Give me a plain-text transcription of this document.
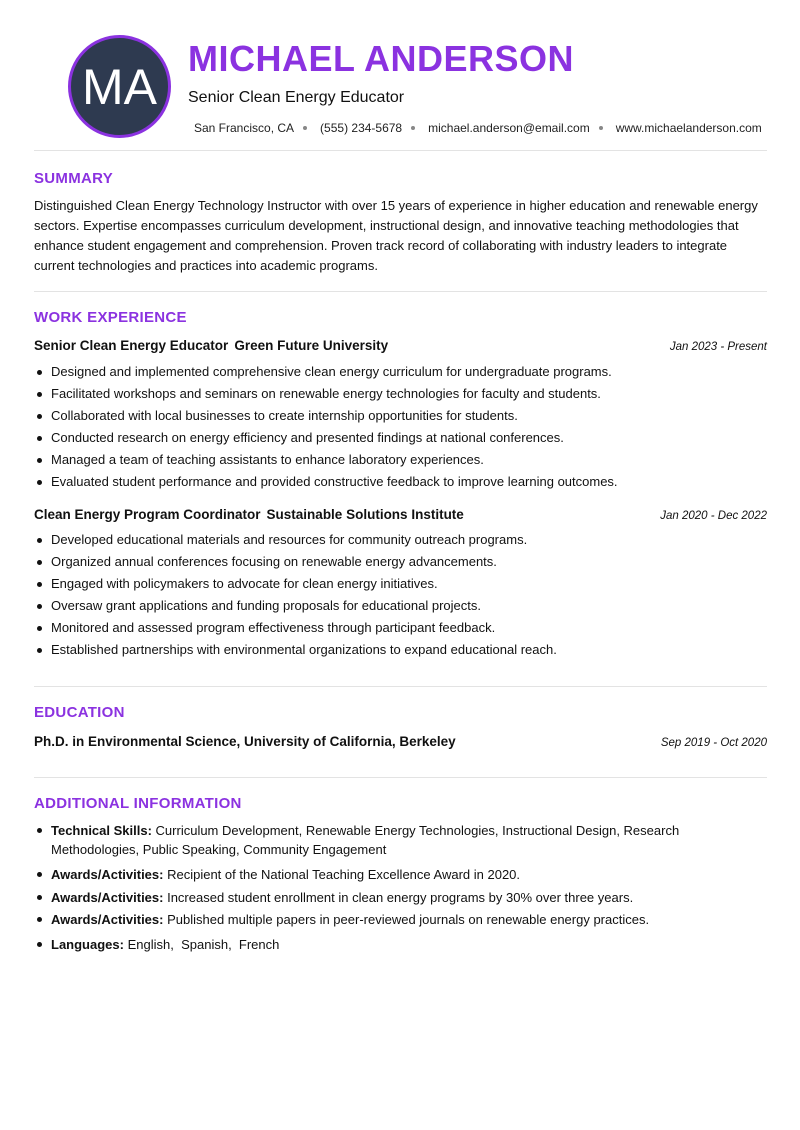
MA MICHAEL ANDERSON
Senior Clean Energy Educator
San Francisco, CA (555) 234-5678 michael.anderson@email.com www.michaelanderson.com
SUMMARY

Distinguished Clean Energy Technology Instructor with over 15 years of experience in higher education and renewable energy sectors. Expertise encompasses curriculum development, instructional design, and innovative teaching methodologies that enhance student engagement and comprehension. Proven track record of collaborating with industry leaders to integrate current technologies and practices into academic programs.

WORK EXPERIENCE
Senior Clean Energy Educator Green Future University	Jan 2023 - Present
Designed and implemented comprehensive clean energy curriculum for undergraduate programs.
Facilitated workshops and seminars on renewable energy technologies for faculty and students.
Collaborated with local businesses to create internship opportunities for students.
Conducted research on energy efficiency and presented findings at national conferences.
Managed a team of teaching assistants to enhance laboratory experiences.
Evaluated student performance and provided constructive feedback to improve learning outcomes.
Clean Energy Program Coordinator Sustainable Solutions Institute	Jan 2020 - Dec 2022
Developed educational materials and resources for community outreach programs.
Organized annual conferences focusing on renewable energy advancements.
Engaged with policymakers to advocate for clean energy initiatives.
Oversaw grant applications and funding proposals for educational projects.
Monitored and assessed program effectiveness through participant feedback.
Established partnerships with environmental organizations to expand educational reach.
EDUCATION
Ph.D. in Environmental Science, University of California, Berkeley	Sep 2019 - Oct 2020
ADDITIONAL INFORMATION
Technical Skills: Curriculum Development, Renewable Energy Technologies, Instructional Design, Research Methodologies, Public Speaking, Community Engagement
Awards/Activities: Recipient of the National Teaching Excellence Award in 2020.
Awards/Activities: Increased student enrollment in clean energy programs by 30% over three years.
Awards/Activities: Published multiple papers in peer-reviewed journals on renewable energy practices.
Languages: English , Spanish , French
